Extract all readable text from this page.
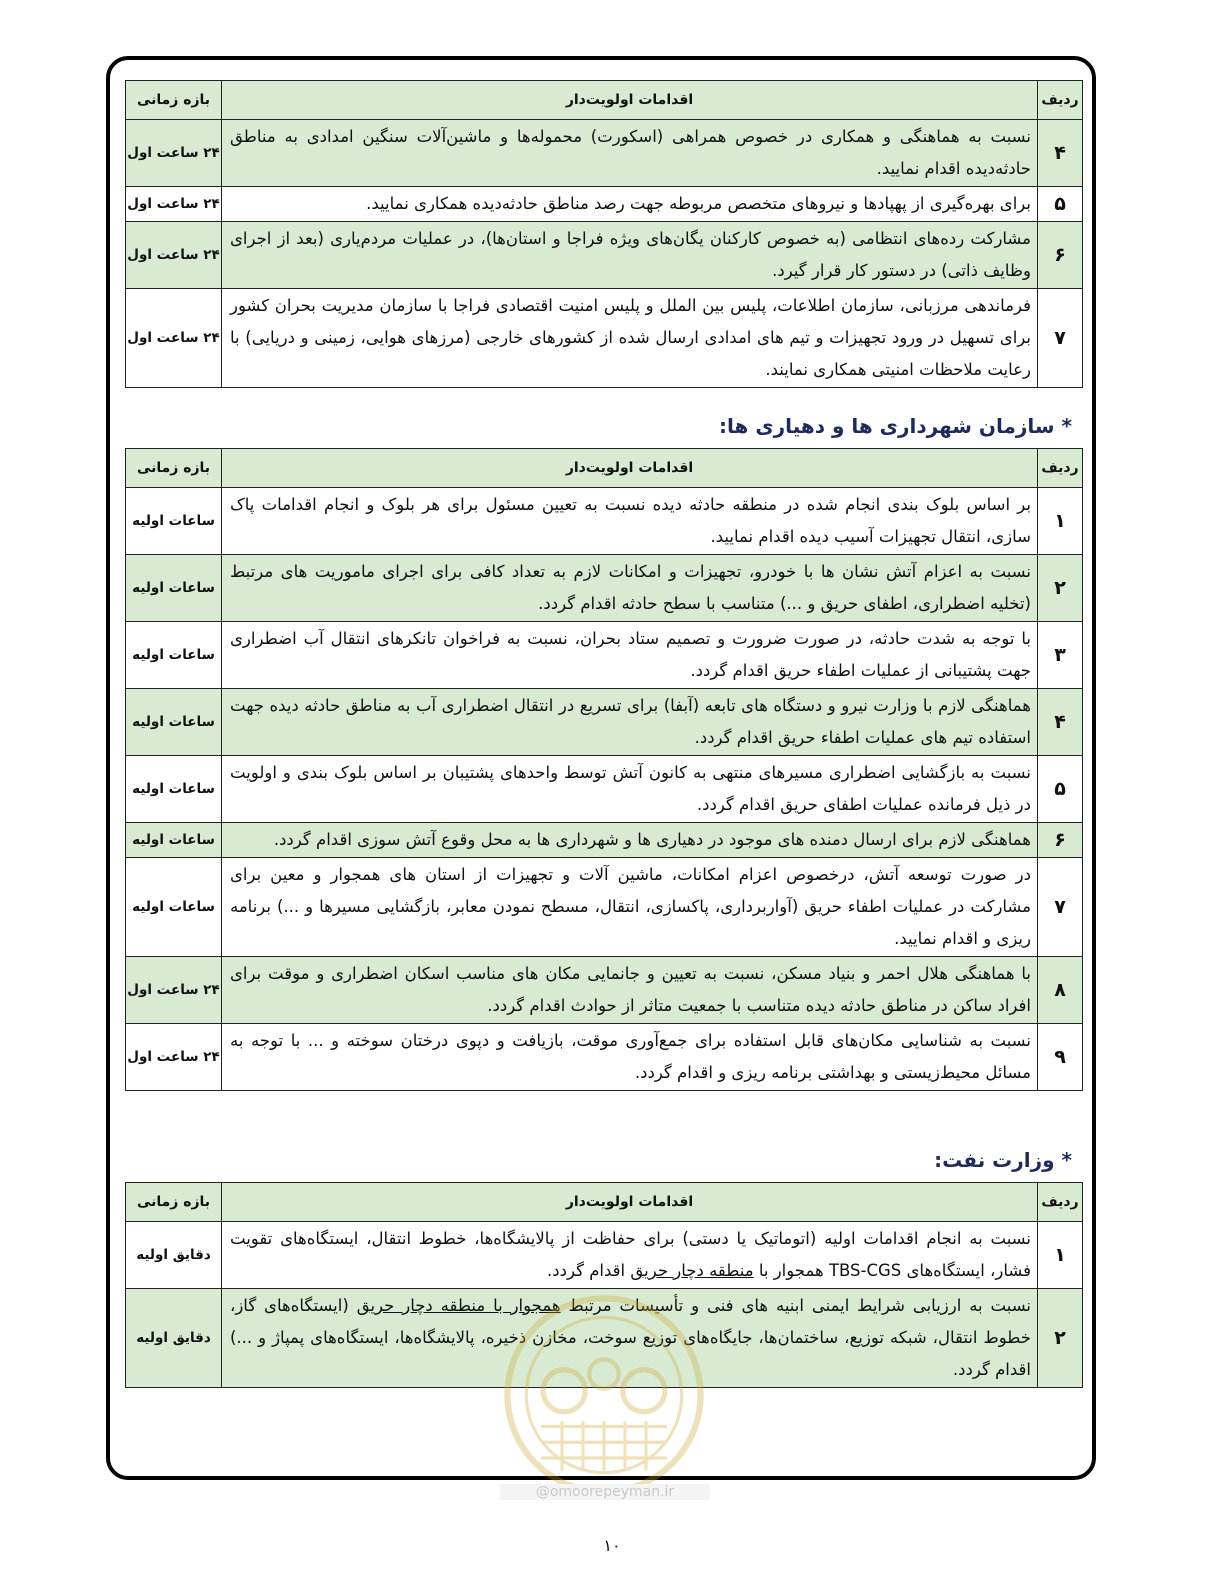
ردیف	اقدامات اولویت‌دار	بازه زمانی
۴	نسبت به هماهنگی و همکاری در خصوص همراهی (اسکورت) محموله‌ها و ماشین‌آلات سنگین امدادی به مناطق حادثه‌دیده اقدام نمایید.	۲۴ ساعت اول
۵	برای بهره‌گیری از پهپادها و نیروهای متخصص مربوطه جهت رصد مناطق حادثه‌دیده همکاری نمایید.	۲۴ ساعت اول
۶	مشارکت رده‌های انتظامی (به خصوص کارکنان یگان‌های ویژه فراجا و استان‌ها)، در عملیات مردم‌یاری (بعد از اجرای وظایف ذاتی) در دستور کار قرار گیرد.	۲۴ ساعت اول
۷	فرماندهی مرزبانی، سازمان اطلاعات، پلیس بین الملل و پلیس امنیت اقتصادی فراجا با سازمان مدیریت بحران کشور برای تسهیل در ورود تجهیزات و تیم های امدادی ارسال شده از کشورهای خارجی (مرزهای هوایی، زمینی و دریایی) با رعایت ملاحظات امنیتی همکاری نمایند.	۲۴ ساعت اول
* سازمان شهرداری ها و دهیاری ها:
ردیف	اقدامات اولویت‌دار	بازه زمانی
۱	بر اساس بلوک بندی انجام شده در منطقه حادثه دیده نسبت به تعیین مسئول برای هر بلوک و انجام اقدامات پاک سازی، انتقال تجهیزات آسیب دیده اقدام نمایید.	ساعات اولیه
۲	نسبت به اعزام آتش نشان ها با خودرو، تجهیزات و امکانات لازم به تعداد کافی برای اجرای ماموریت های مرتبط (تخلیه اضطراری، اطفای حریق و ...) متناسب با سطح حادثه اقدام گردد.	ساعات اولیه
۳	با توجه به شدت حادثه، در صورت ضرورت و تصمیم ستاد بحران، نسبت به فراخوان تانکرهای انتقال آب اضطراری جهت پشتیبانی از عملیات اطفاء حریق اقدام گردد.	ساعات اولیه
۴	هماهنگی لازم با وزارت نیرو و دستگاه های تابعه (آبفا) برای تسریع در انتقال اضطراری آب به مناطق حادثه دیده جهت استفاده تیم های عملیات اطفاء حریق اقدام گردد.	ساعات اولیه
۵	نسبت به بازگشایی اضطراری مسیرهای منتهی به کانون آتش توسط واحدهای پشتیبان بر اساس بلوک بندی و اولویت در ذیل فرمانده عملیات اطفای حریق اقدام گردد.	ساعات اولیه
۶	هماهنگی لازم برای ارسال دمنده های موجود در دهیاری ها و شهرداری ها به محل وقوع آتش سوزی اقدام گردد.	ساعات اولیه
۷	در صورت توسعه آتش، درخصوص اعزام امکانات، ماشین آلات و تجهیزات از استان های همجوار و معین برای مشارکت در عملیات اطفاء حریق (آواربرداری، پاکسازی، انتقال، مسطح نمودن معابر، بازگشایی مسیرها و ...) برنامه ریزی و اقدام نمایید.	ساعات اولیه
۸	با هماهنگی هلال احمر و بنیاد مسکن، نسبت به تعیین و جانمایی مکان های مناسب اسکان اضطراری و موقت برای افراد ساکن در مناطق حادثه دیده متناسب با جمعیت متاثر از حوادث اقدام گردد.	۲۴ ساعت اول
۹	نسبت به شناسایی مکان‌های قابل استفاده برای جمع‌آوری موقت، بازیافت و دپوی درختان سوخته و ... با توجه به مسائل محیط‌زیستی و بهداشتی برنامه ریزی و اقدام گردد.	۲۴ ساعت اول
* وزارت نفت:
ردیف	اقدامات اولویت‌دار	بازه زمانی
۱	نسبت به انجام اقدامات اولیه (اتوماتیک یا دستی) برای حفاظت از پالایشگاه‌ها، خطوط انتقال، ایستگاه‌های تقویت فشار، ایستگاه‌های TBS-CGS همجوار با منطقه دچار حریق اقدام گردد.	دقایق اولیه
۲	نسبت به ارزیابی شرایط ایمنی ابنیه های فنی و تأسیسات مرتبط همجوار با منطقه دچار حریق (ایستگاه‌های گاز، خطوط انتقال، شبکه توزیع، ساختمان‌ها، جایگاه‌های توزیع سوخت، مخازن ذخیره، پالایشگاه‌ها، ایستگاه‌های پمپاژ و ...) اقدام گردد.	دقایق اولیه
@omoorepeyman.ir
۱۰
